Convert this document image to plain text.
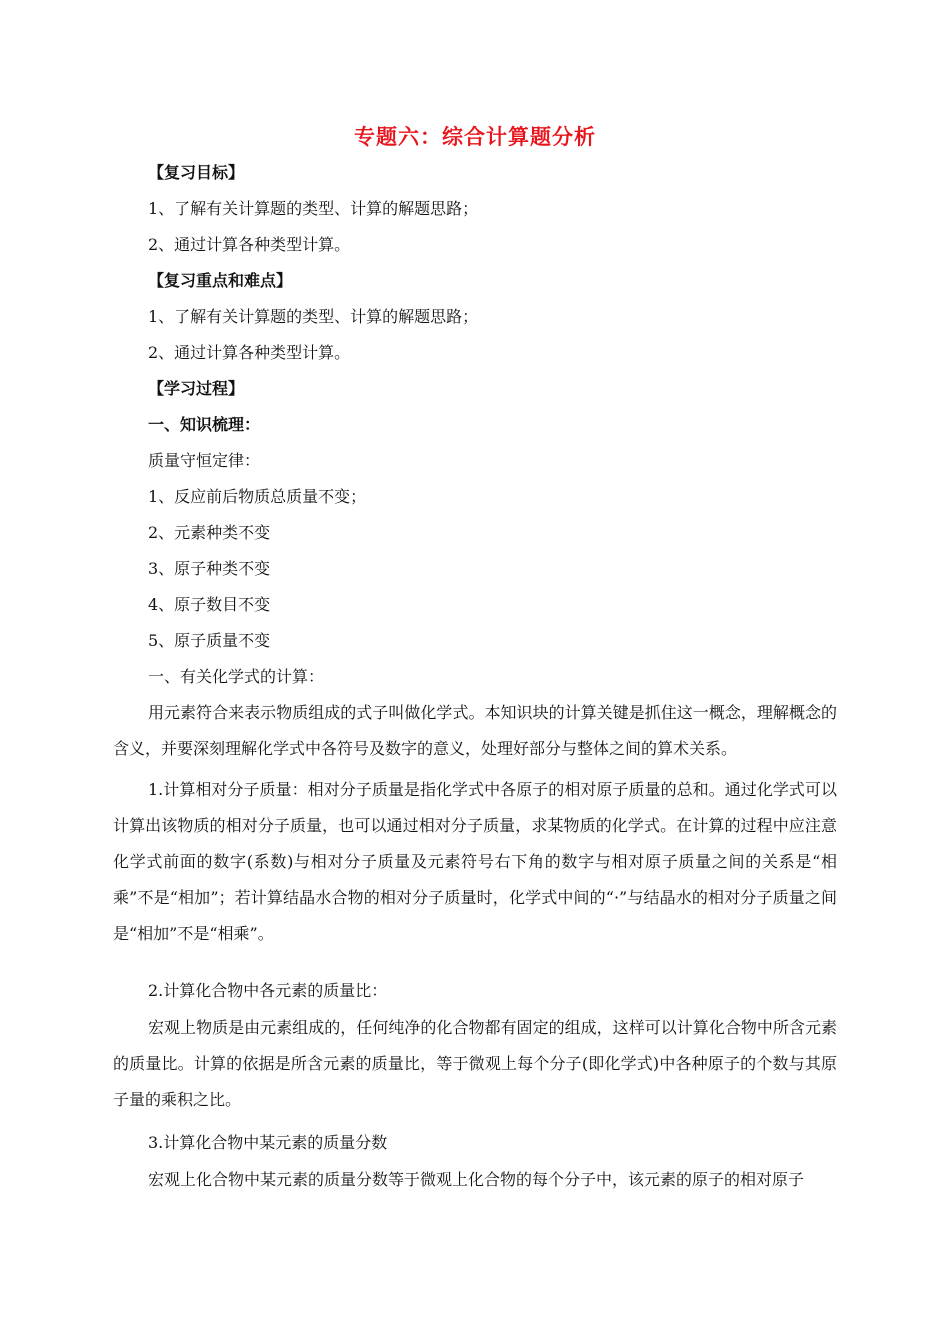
专题六：综合计算题分析
【复习目标】
1、了解有关计算题的类型、计算的解题思路；
2、通过计算各种类型计算。
【复习重点和难点】
1、了解有关计算题的类型、计算的解题思路；
2、通过计算各种类型计算。
【学习过程】
一、知识梳理：
质量守恒定律：
1、反应前后物质总质量不变；
2、元素种类不变
3、原子种类不变
4、原子数目不变
5、原子质量不变
一、有关化学式的计算：
用元素符合来表示物质组成的式子叫做化学式。本知识块的计算关键是抓住这一概念，理解概念的含义，并要深刻理解化学式中各符号及数字的意义，处理好部分与整体之间的算术关系。
1.计算相对分子质量：相对分子质量是指化学式中各原子的相对原子质量的总和。通过化学式可以计算出该物质的相对分子质量，也可以通过相对分子质量，求某物质的化学式。在计算的过程中应注意化学式前面的数字(系数)与相对分子质量及元素符号右下角的数字与相对原子质量之间的关系是“相乘”不是“相加”；若计算结晶水合物的相对分子质量时，化学式中间的“·”与结晶水的相对分子质量之间是“相加”不是“相乘”。
2.计算化合物中各元素的质量比：
宏观上物质是由元素组成的，任何纯净的化合物都有固定的组成，这样可以计算化合物中所含元素的质量比。计算的依据是所含元素的质量比，等于微观上每个分子(即化学式)中各种原子的个数与其原子量的乘积之比。
3.计算化合物中某元素的质量分数
宏观上化合物中某元素的质量分数等于微观上化合物的每个分子中，该元素的原子的相对原子
